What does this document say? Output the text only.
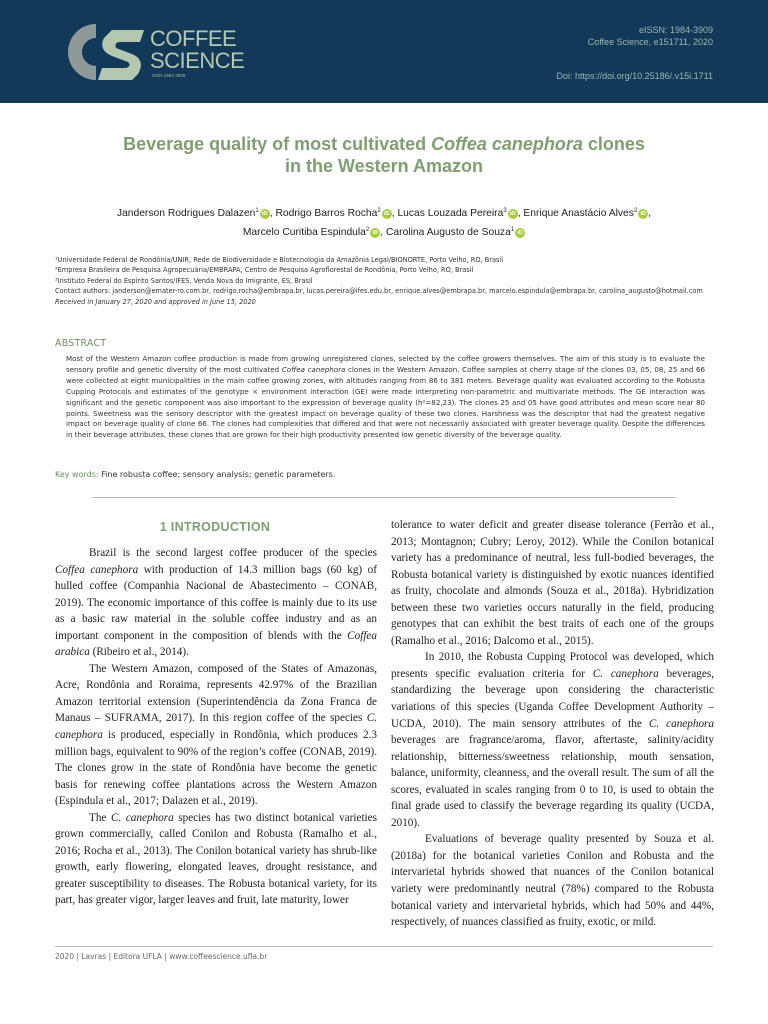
COFFEE
SCIENCE
ISSN 1984-3909
eISSN: 1984-3909
Coffee Science, e151711, 2020
Doi: https://doi.org/10.25186/.v15i.1711
Beverage quality of most cultivated Coffea canephora clones
in the Western Amazon
Janderson Rodrigues Dalazen$^1$ iD , Rodrigo Barros Rocha$^2$ iD , Lucas Louzada Pereira$^3$ iD , Enrique Anastácio Alves$^2$ iD ,
Marcelo Curitiba Espindula$^2$ iD , Carolina Augusto de Souza$^1$ iD

¹Universidade Federal de Rondônia/UNIR, Rede de Biodiversidade e Biotecnologia da Amazônia Legal/BIONORTE, Porto Velho, RO, Brasil

²Empresa Brasileira de Pesquisa Agropecuária/EMBRAPA, Centro de Pesquisa Agroflorestal de Rondônia, Porto Velho, RO, Brasil

³Instituto Federal do Espírito Santos/IFES, Venda Nova do Imigrante, ES, Brasil

Contact authors: janderson@emater-ro.com.br, rodrigo.rocha@embrapa.br, lucas.pereira@ifes.edu.br, enrique.alves@embrapa.br, marcelo.espindula@embrapa.br, carolina_augusto@hotmail.com

Received in January 27, 2020 and approved in June 15, 2020

ABSTRACT
Most of the Western Amazon coffee production is made from growing unregistered clones, selected by the coffee growers themselves. The aim of this study is to evaluate the sensory profile and genetic diversity of the most cultivated Coffea canephora clones in the Western Amazon. Coffee samples at cherry stage of the clones 03, 05, 08, 25 and 66 were collected at eight municipalities in the main coffee growing zones, with altitudes ranging from 86 to 381 meters. Beverage quality was evaluated according to the Robusta Cupping Protocols and estimates of the genotype × environment interaction (GE) were made interpreting non-parametric and multivariate methods. The GE interaction was significant and the genetic component was also important to the expression of beverage quality (h²=82,23). The clones 25 and 05 have good attributes and mean score near 80 points. Sweetness was the sensory descriptor with the greatest impact on beverage quality of these two clones. Harshness was the descriptor that had the greatest negative impact on beverage quality of clone 66. The clones had complexities that differed and that were not necessarily associated with greater beverage quality. Despite the differences in their beverage attributes, these clones that are grown for their high productivity presented low genetic diversity of the beverage quality.
Key words: Fine robusta coffee; sensory analysis; genetic parameters.
1 INTRODUCTION

Brazil is the second largest coffee producer of the species Coffea canephora with production of 14.3 million bags (60 kg) of hulled coffee (Companhia Nacional de Abastecimento – CONAB, 2019). The economic importance of this coffee is mainly due to its use as a basic raw material in the soluble coffee industry and as an important component in the composition of blends with the Coffea arabica (Ribeiro et al., 2014).

The Western Amazon, composed of the States of Amazonas, Acre, Rondônia and Roraima, represents 42.97% of the Brazilian Amazon territorial extension (Superintendência da Zona Franca de Manaus – SUFRAMA, 2017). In this region coffee of the species C. canephora is produced, especially in Rondônia, which produces 2.3 million bags, equivalent to 90% of the region’s coffee (CONAB, 2019). The clones grow in the state of Rondônia have become the genetic basis for renewing coffee plantations across the Western Amazon (Espindula et al., 2017; Dalazen et al., 2019).

The C. canephora species has two distinct botanical varieties grown commercially, called Conilon and Robusta (Ramalho et al., 2016; Rocha et al., 2013). The Conilon botanical variety has shrub-like growth, early flowering, elongated leaves, drought resistance, and greater susceptibility to diseases. The Robusta botanical variety, for its part, has greater vigor, larger leaves and fruit, late maturity, lower

tolerance to water deficit and greater disease tolerance (Ferrão et al., 2013; Montagnon; Cubry; Leroy, 2012). While the Conilon botanical variety has a predominance of neutral, less full-bodied beverages, the Robusta botanical variety is distinguished by exotic nuances identified as fruity, chocolate and almonds (Souza et al., 2018a). Hybridization between these two varieties occurs naturally in the field, producing genotypes that can exhibit the best traits of each one of the groups (Ramalho et al., 2016; Dalcomo et al., 2015).

In 2010, the Robusta Cupping Protocol was developed, which presents specific evaluation criteria for C. canephora beverages, standardizing the beverage upon considering the characteristic variations of this species (Uganda Coffee Development Authority – UCDA, 2010). The main sensory attributes of the C. canephora beverages are fragrance/aroma, flavor, aftertaste, salinity/acidity relationship, bitterness/sweetness relationship, mouth sensation, balance, uniformity, cleanness, and the overall result. The sum of all the scores, evaluated in scales ranging from 0 to 10, is used to obtain the final grade used to classify the beverage regarding its quality (UCDA, 2010).

Evaluations of beverage quality presented by Souza et al. (2018a) for the botanical varieties Conilon and Robusta and the intervarietal hybrids showed that nuances of the Conilon botanical variety were predominantly neutral (78%) compared to the Robusta botanical variety and intervarietal hybrids, which had 50% and 44%, respectively, of nuances classified as fruity, exotic, or mild.

2020 | Lavras | Editora UFLA | www.coffeescience.ufla.br
